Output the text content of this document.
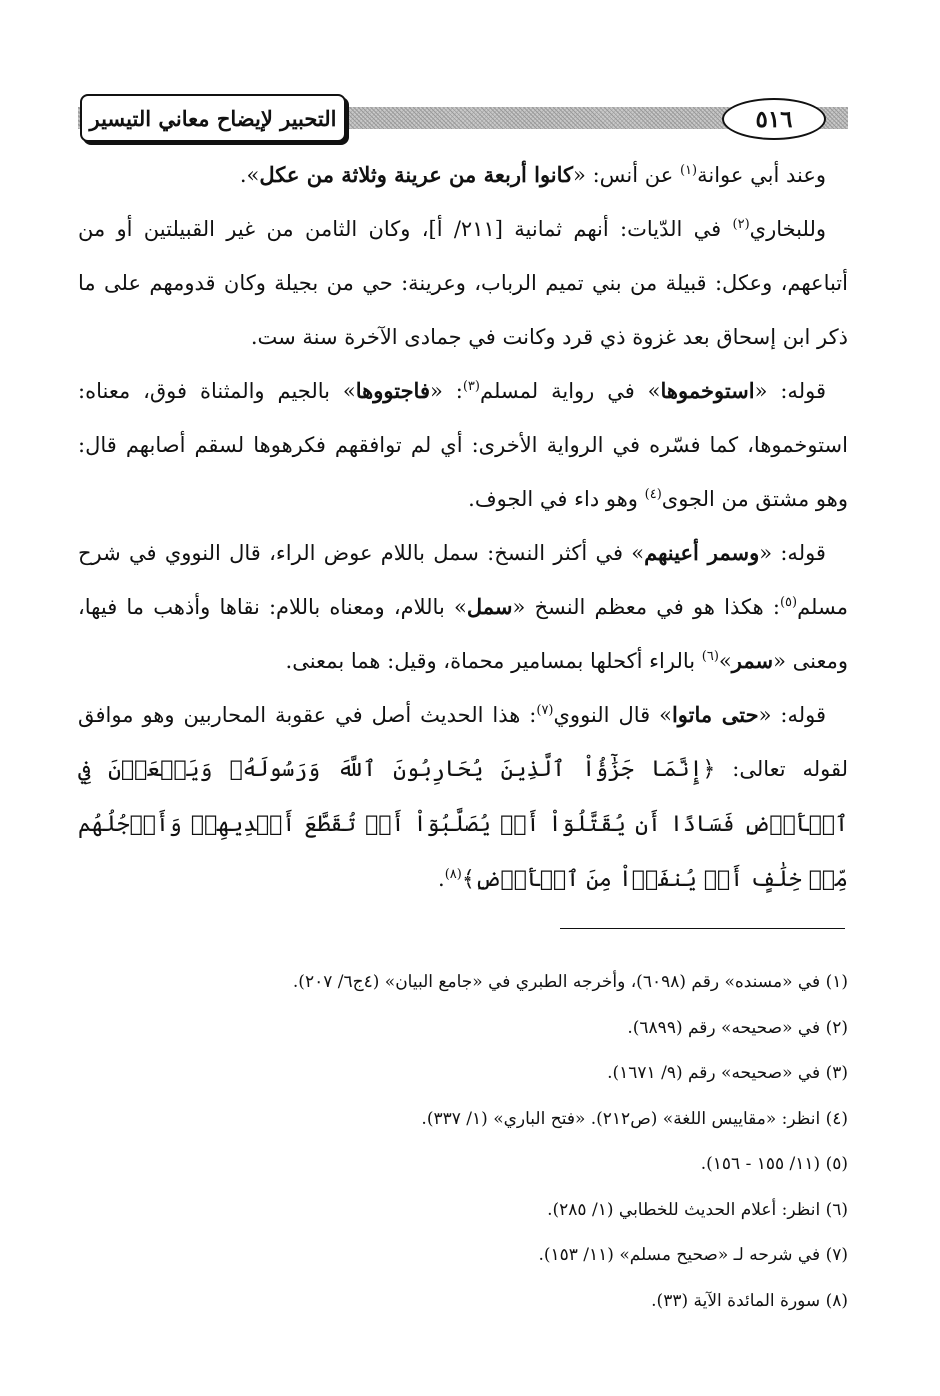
٥١٦
التحبير لإيضاح معاني التيسير

وعند أبي عوانة$^{(١)}$ عن أنس: «كانوا أربعة من عرينة وثلاثة من عكل».

وللبخاري$^{(٢)}$ في الدّيات: أنهم ثمانية [٢١١/ أ]، وكان الثامن من غير القبيلتين أو من أتباعهم، وعكل: قبيلة من بني تميم الرباب، وعرينة: حي من بجيلة وكان قدومهم على ما ذكر ابن إسحاق بعد غزوة ذي قرد وكانت في جمادى الآخرة سنة ست.

قوله: «استوخموها» في رواية لمسلم$^{(٣)}$: «فاجتووها» بالجيم والمثناة فوق، معناه: استوخموها، كما فسّره في الرواية الأخرى: أي لم توافقهم فكرهوها لسقم أصابهم قال: وهو مشتق من الجوى$^{(٤)}$ وهو داء في الجوف.

قوله: «وسمر أعينهم» في أكثر النسخ: سمل باللام عوض الراء، قال النووي في شرح مسلم$^{(٥)}$: هكذا هو في معظم النسخ «سمل» باللام، ومعناه باللام: نقاها وأذهب ما فيها، ومعنى «سمر»$^{(٦)}$ بالراء أكحلها بمسامير محماة، وقيل: هما بمعنى.

قوله: «حتى ماتوا» قال النووي$^{(٧)}$: هذا الحديث أصل في عقوبة المحاربين وهو موافق لقوله تعالى: ﴿إِنَّمَا جَزَٰٓؤُاْ ٱلَّذِينَ يُحَارِبُونَ ٱللَّهَ وَرَسُولَهُۥ وَيَسۡعَوۡنَ فِي ٱلۡأَرۡضِ فَسَادًا أَن يُقَتَّلُوٓاْ أَوۡ يُصَلَّبُوٓاْ أَوۡ تُقَطَّعَ أَيۡدِيهِمۡ وَأَرۡجُلُهُم مِّنۡ خِلَٰفٍ أَوۡ يُنفَوۡاْ مِنَ ٱلۡأَرۡضِ﴾$^{(٨)}$.

(١) في «مسنده» رقم (٦٠٩٨)، وأخرجه الطبري في «جامع البيان» (٤ج٦/ ٢٠٧).
(٢) في «صحيحه» رقم (٦٨٩٩).
(٣) في «صحيحه» رقم (٩/ ١٦٧١).
(٤) انظر: «مقاييس اللغة» (ص٢١٢). «فتح الباري» (١/ ٣٣٧).
(٥) (١١/ ١٥٥ - ١٥٦).
(٦) انظر: أعلام الحديث للخطابي (١/ ٢٨٥).
(٧) في شرحه لـ «صحيح مسلم» (١١/ ١٥٣).
(٨) سورة المائدة الآية (٣٣).
